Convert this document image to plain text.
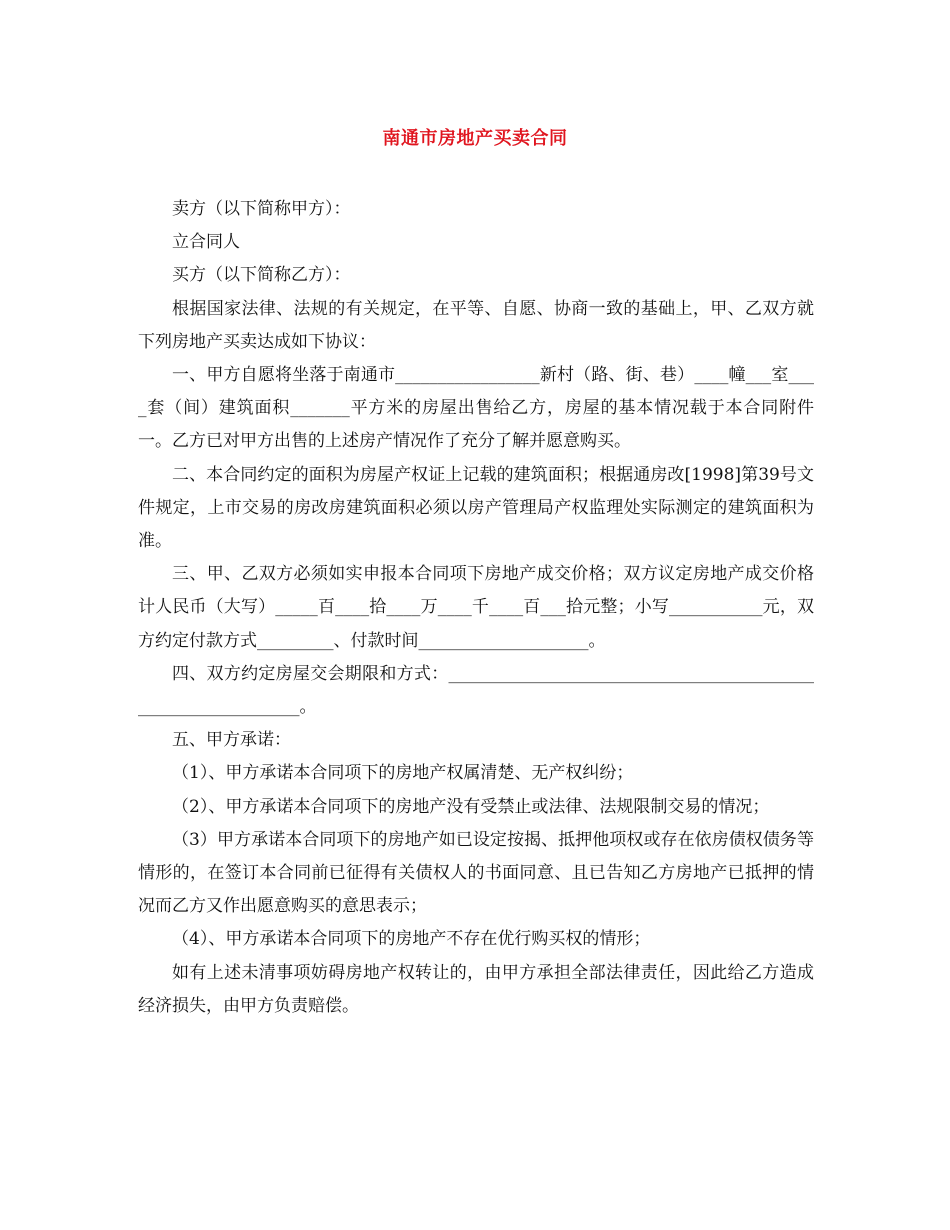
南通市房地产买卖合同

卖方（以下简称甲方）：

立合同人

买方（以下简称乙方）：

根据国家法律、法规的有关规定，在平等、自愿、协商一致的基础上，甲、乙双方就下列房地产买卖达成如下协议：

一、甲方自愿将坐落于南通市_________________新村（路、街、巷）____幢___室____套（间）建筑面积_______平方米的房屋出售给乙方，房屋的基本情况载于本合同附件一。乙方已对甲方出售的上述房产情况作了充分了解并愿意购买。

二、本合同约定的面积为房屋产权证上记载的建筑面积；根据通房改[1998]第39号文件规定，上市交易的房改房建筑面积必须以房产管理局产权监理处实际测定的建筑面积为准。

三、甲、乙双方必须如实申报本合同项下房地产成交价格；双方议定房地产成交价格计人民币（大写）_____百____拾____万____千____百___拾元整；小写___________元，双方约定付款方式_________、付款时间____________________。

四、双方约定房屋交会期限和方式：______________________________________________________________。

五、甲方承诺：

（1）、甲方承诺本合同项下的房地产权属清楚、无产权纠纷；

（2）、甲方承诺本合同项下的房地产没有受禁止或法律、法规限制交易的情况；

（3）甲方承诺本合同项下的房地产如已设定按揭、抵押他项权或存在依房债权债务等情形的，在签订本合同前已征得有关债权人的书面同意、且已告知乙方房地产已抵押的情况而乙方又作出愿意购买的意思表示；

（4）、甲方承诺本合同项下的房地产不存在优行购买权的情形；

如有上述未清事项妨碍房地产权转让的，由甲方承担全部法律责任，因此给乙方造成经济损失，由甲方负责赔偿。
